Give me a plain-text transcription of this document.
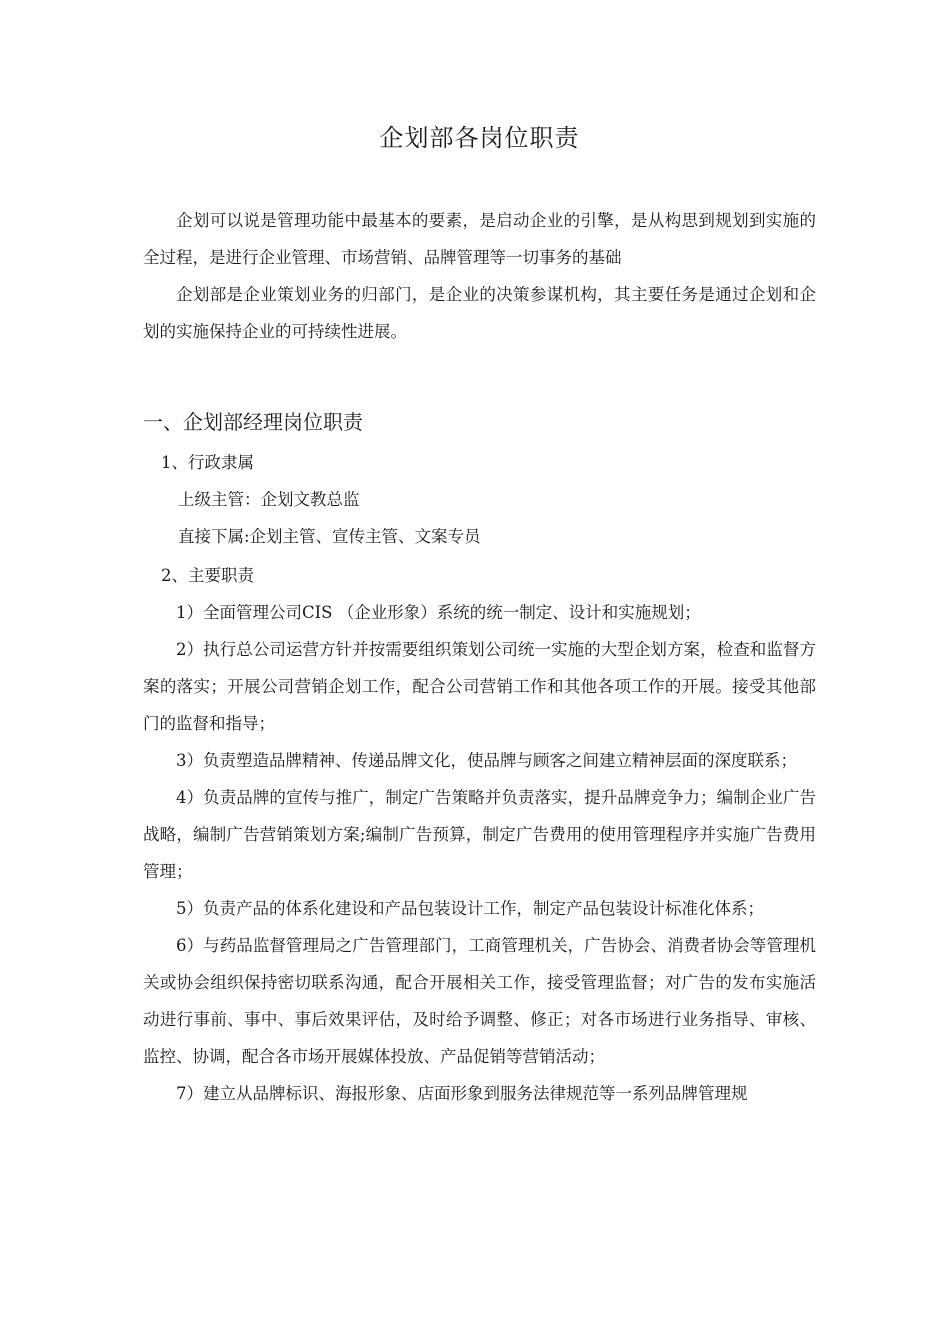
企划部各岗位职责

企划可以说是管理功能中最基本的要素，是启动企业的引擎，是从构思到规划到实施的全过程，是进行企业管理、市场营销、品牌管理等一切事务的基础

企划部是企业策划业务的归部门，是企业的决策参谋机构，其主要任务是通过企划和企划的实施保持企业的可持续性进展。

一、企划部经理岗位职责

1、行政隶属

上级主管：企划文教总监

直接下属:企划主管、宣传主管、文案专员

2、主要职责

1）全面管理公司CIS （企业形象）系统的统一制定、设计和实施规划；

2）执行总公司运营方针并按需要组织策划公司统一实施的大型企划方案，检查和监督方案的落实；开展公司营销企划工作，配合公司营销工作和其他各项工作的开展。接受其他部门的监督和指导；

3）负责塑造品牌精神、传递品牌文化，使品牌与顾客之间建立精神层面的深度联系；

4）负责品牌的宣传与推广，制定广告策略并负责落实，提升品牌竞争力；编制企业广告战略，编制广告营销策划方案;编制广告预算，制定广告费用的使用管理程序并实施广告费用管理；

5）负责产品的体系化建设和产品包装设计工作，制定产品包装设计标准化体系；

6）与药品监督管理局之广告管理部门，工商管理机关，广告协会、消费者协会等管理机关或协会组织保持密切联系沟通，配合开展相关工作，接受管理监督；对广告的发布实施活动进行事前、事中、事后效果评估，及时给予调整、修正；对各市场进行业务指导、审核、监控、协调，配合各市场开展媒体投放、产品促销等营销活动；

7）建立从品牌标识、海报形象、店面形象到服务法律规范等一系列品牌管理规
